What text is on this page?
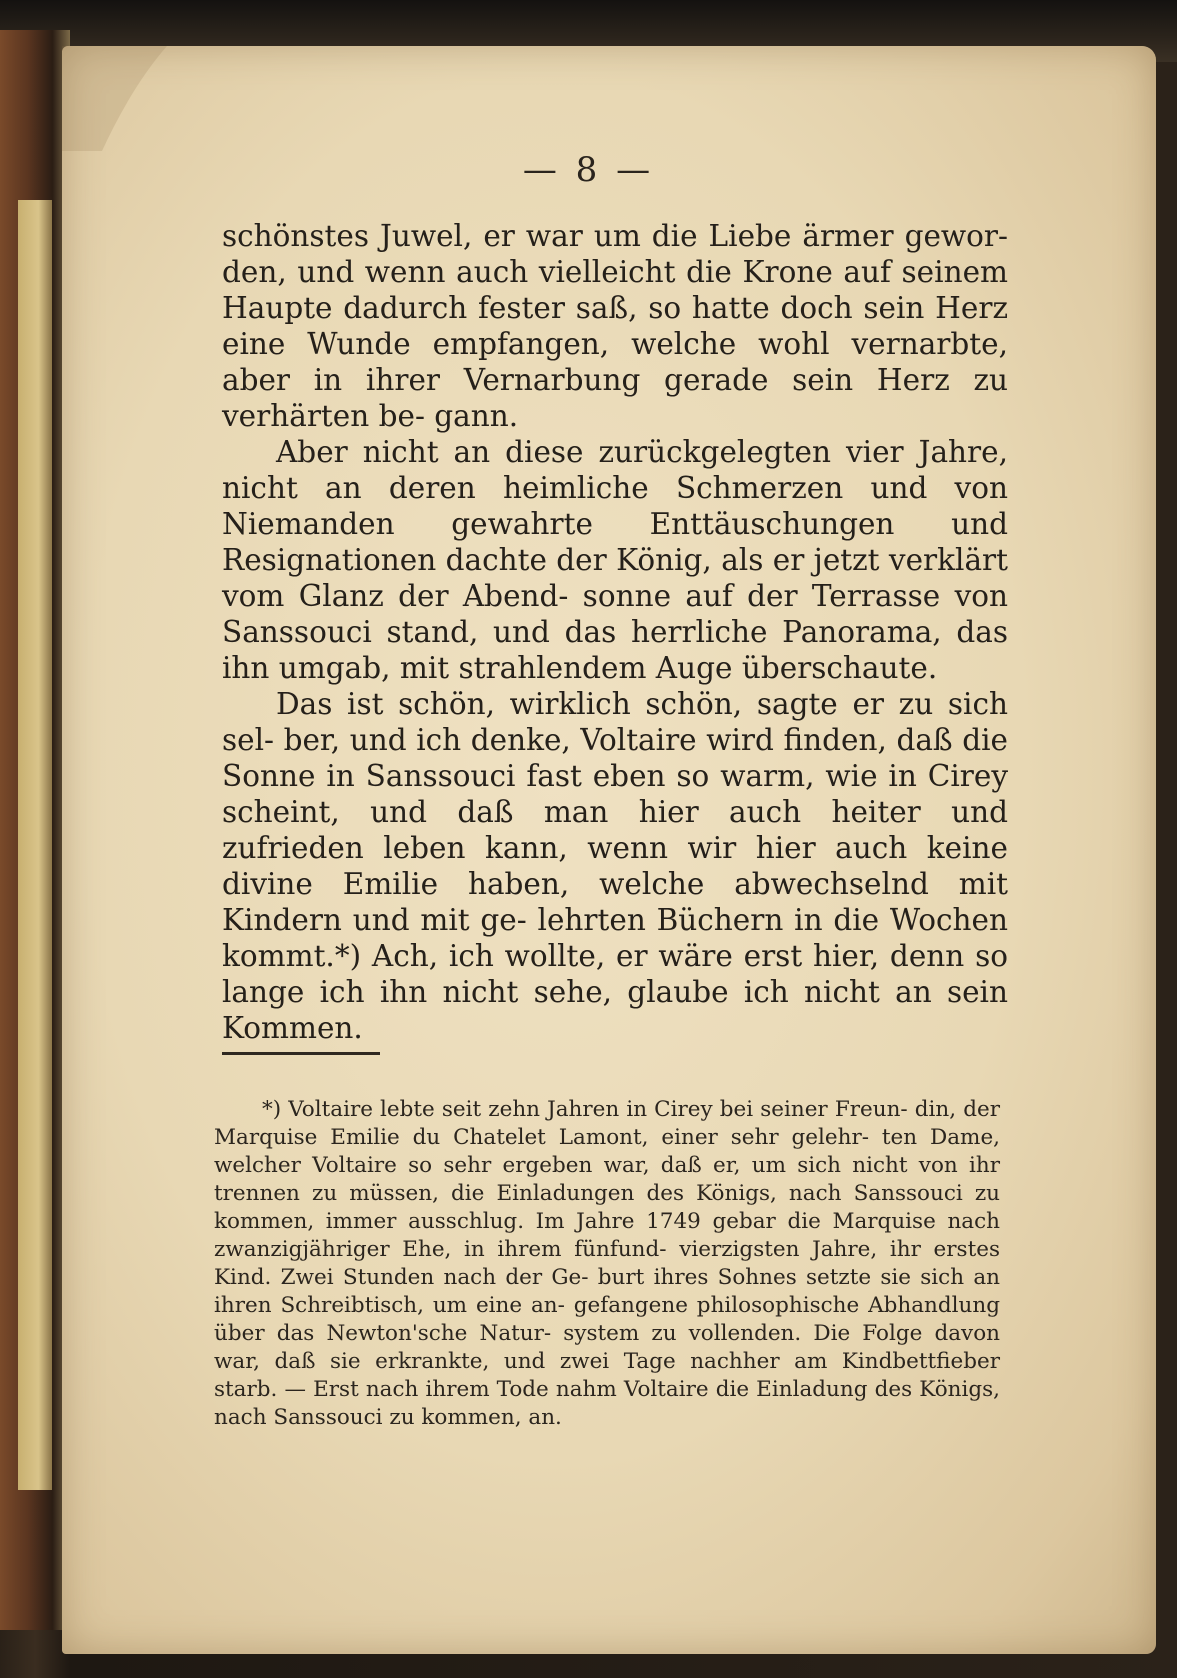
— 8 —

schönstes Juwel, er war um die Liebe ärmer gewor- den, und wenn auch vielleicht die Krone auf seinem Haupte dadurch fester saß, so hatte doch sein Herz eine Wunde empfangen, welche wohl vernarbte, aber in ihrer Vernarbung gerade sein Herz zu verhärten be- gann.

Aber nicht an diese zurückgelegten vier Jahre, nicht an deren heimliche Schmerzen und von Niemanden gewahrte Enttäuschungen und Resignationen dachte der König, als er jetzt verklärt vom Glanz der Abend- sonne auf der Terrasse von Sanssouci stand, und das herrliche Panorama, das ihn umgab, mit strahlendem Auge überschaute.

Das ist schön, wirklich schön, sagte er zu sich sel- ber, und ich denke, Voltaire wird finden, daß die Sonne in Sanssouci fast eben so warm, wie in Cirey scheint, und daß man hier auch heiter und zufrieden leben kann, wenn wir hier auch keine divine Emilie haben, welche abwechselnd mit Kindern und mit ge- lehrten Büchern in die Wochen kommt.*) Ach, ich wollte, er wäre erst hier, denn so lange ich ihn nicht sehe, glaube ich nicht an sein Kommen.

*) Voltaire lebte seit zehn Jahren in Cirey bei seiner Freun- din, der Marquise Emilie du Chatelet Lamont, einer sehr gelehr- ten Dame, welcher Voltaire so sehr ergeben war, daß er, um sich nicht von ihr trennen zu müssen, die Einladungen des Königs, nach Sanssouci zu kommen, immer ausschlug. Im Jahre 1749 gebar die Marquise nach zwanzigjähriger Ehe, in ihrem fünfund- vierzigsten Jahre, ihr erstes Kind. Zwei Stunden nach der Ge- burt ihres Sohnes setzte sie sich an ihren Schreibtisch, um eine an- gefangene philosophische Abhandlung über das Newton'sche Natur- system zu vollenden. Die Folge davon war, daß sie erkrankte, und zwei Tage nachher am Kindbettfieber starb. — Erst nach ihrem Tode nahm Voltaire die Einladung des Königs, nach Sanssouci zu kommen, an.
